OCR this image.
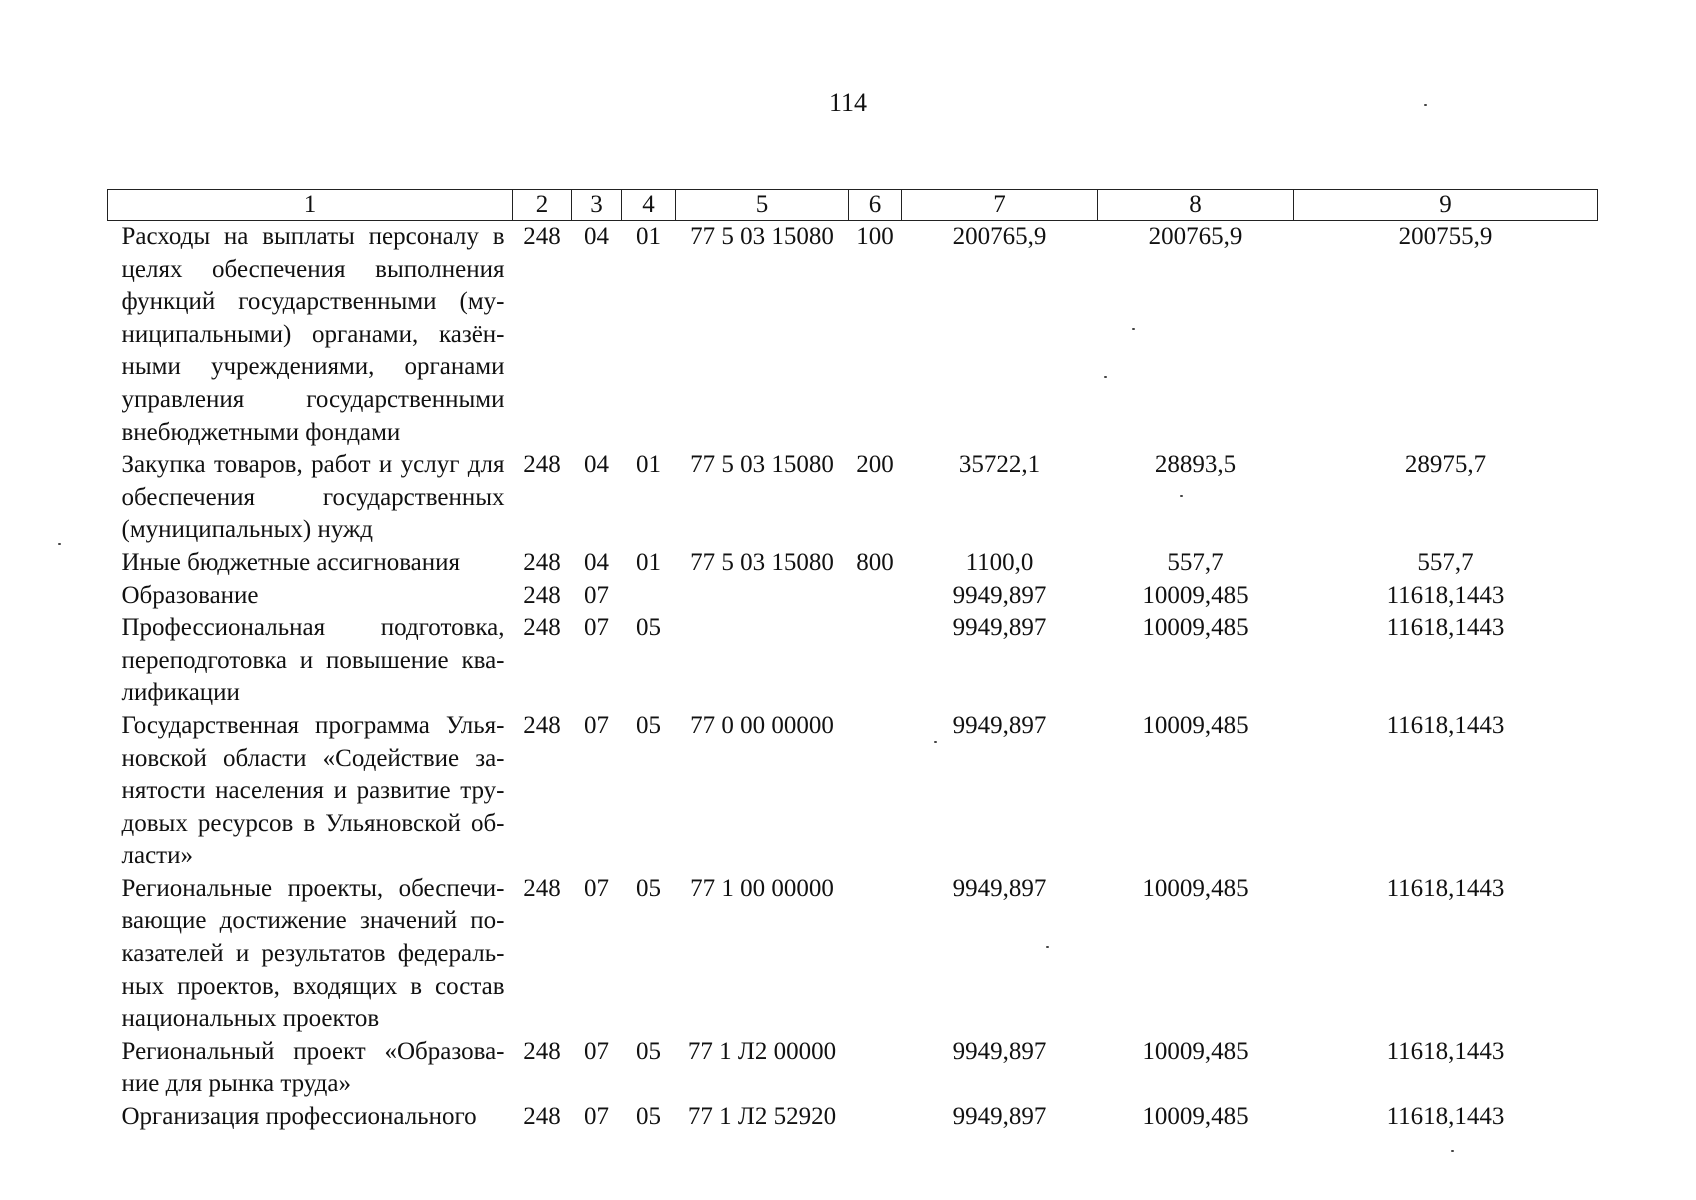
114
1	2	3	4	5	6	7	8	9
Расходы на выплаты персоналу в целях обеспечения выполнения функций государственными (муниципальными) органами, казёнными учреждениями, органами управления государственными внебюджетными фондами	248	04	01	77 5 03 15080	100	200765,9	200765,9	200755,9
Закупка товаров, работ и услуг для обеспечения государственных (муниципальных) нужд	248	04	01	77 5 03 15080	200	35722,1	28893,5	28975,7
Иные бюджетные ассигнования	248	04	01	77 5 03 15080	800	1100,0	557,7	557,7
Образование	248	07				9949,897	10009,485	11618,1443
Профессиональная подготовка, переподготовка и повышение квалификации	248	07	05			9949,897	10009,485	11618,1443
Государственная программа Ульяновской области «Содействие занятости населения и развитие трудовых ресурсов в Ульяновской области»	248	07	05	77 0 00 00000		9949,897	10009,485	11618,1443
Региональные проекты, обеспечивающие достижение значений показателей и результатов федеральных проектов, входящих в состав национальных проектов	248	07	05	77 1 00 00000		9949,897	10009,485	11618,1443
Региональный проект «Образование для рынка труда»	248	07	05	77 1 Л2 00000		9949,897	10009,485	11618,1443
Организация профессионального	248	07	05	77 1 Л2 52920		9949,897	10009,485	11618,1443
